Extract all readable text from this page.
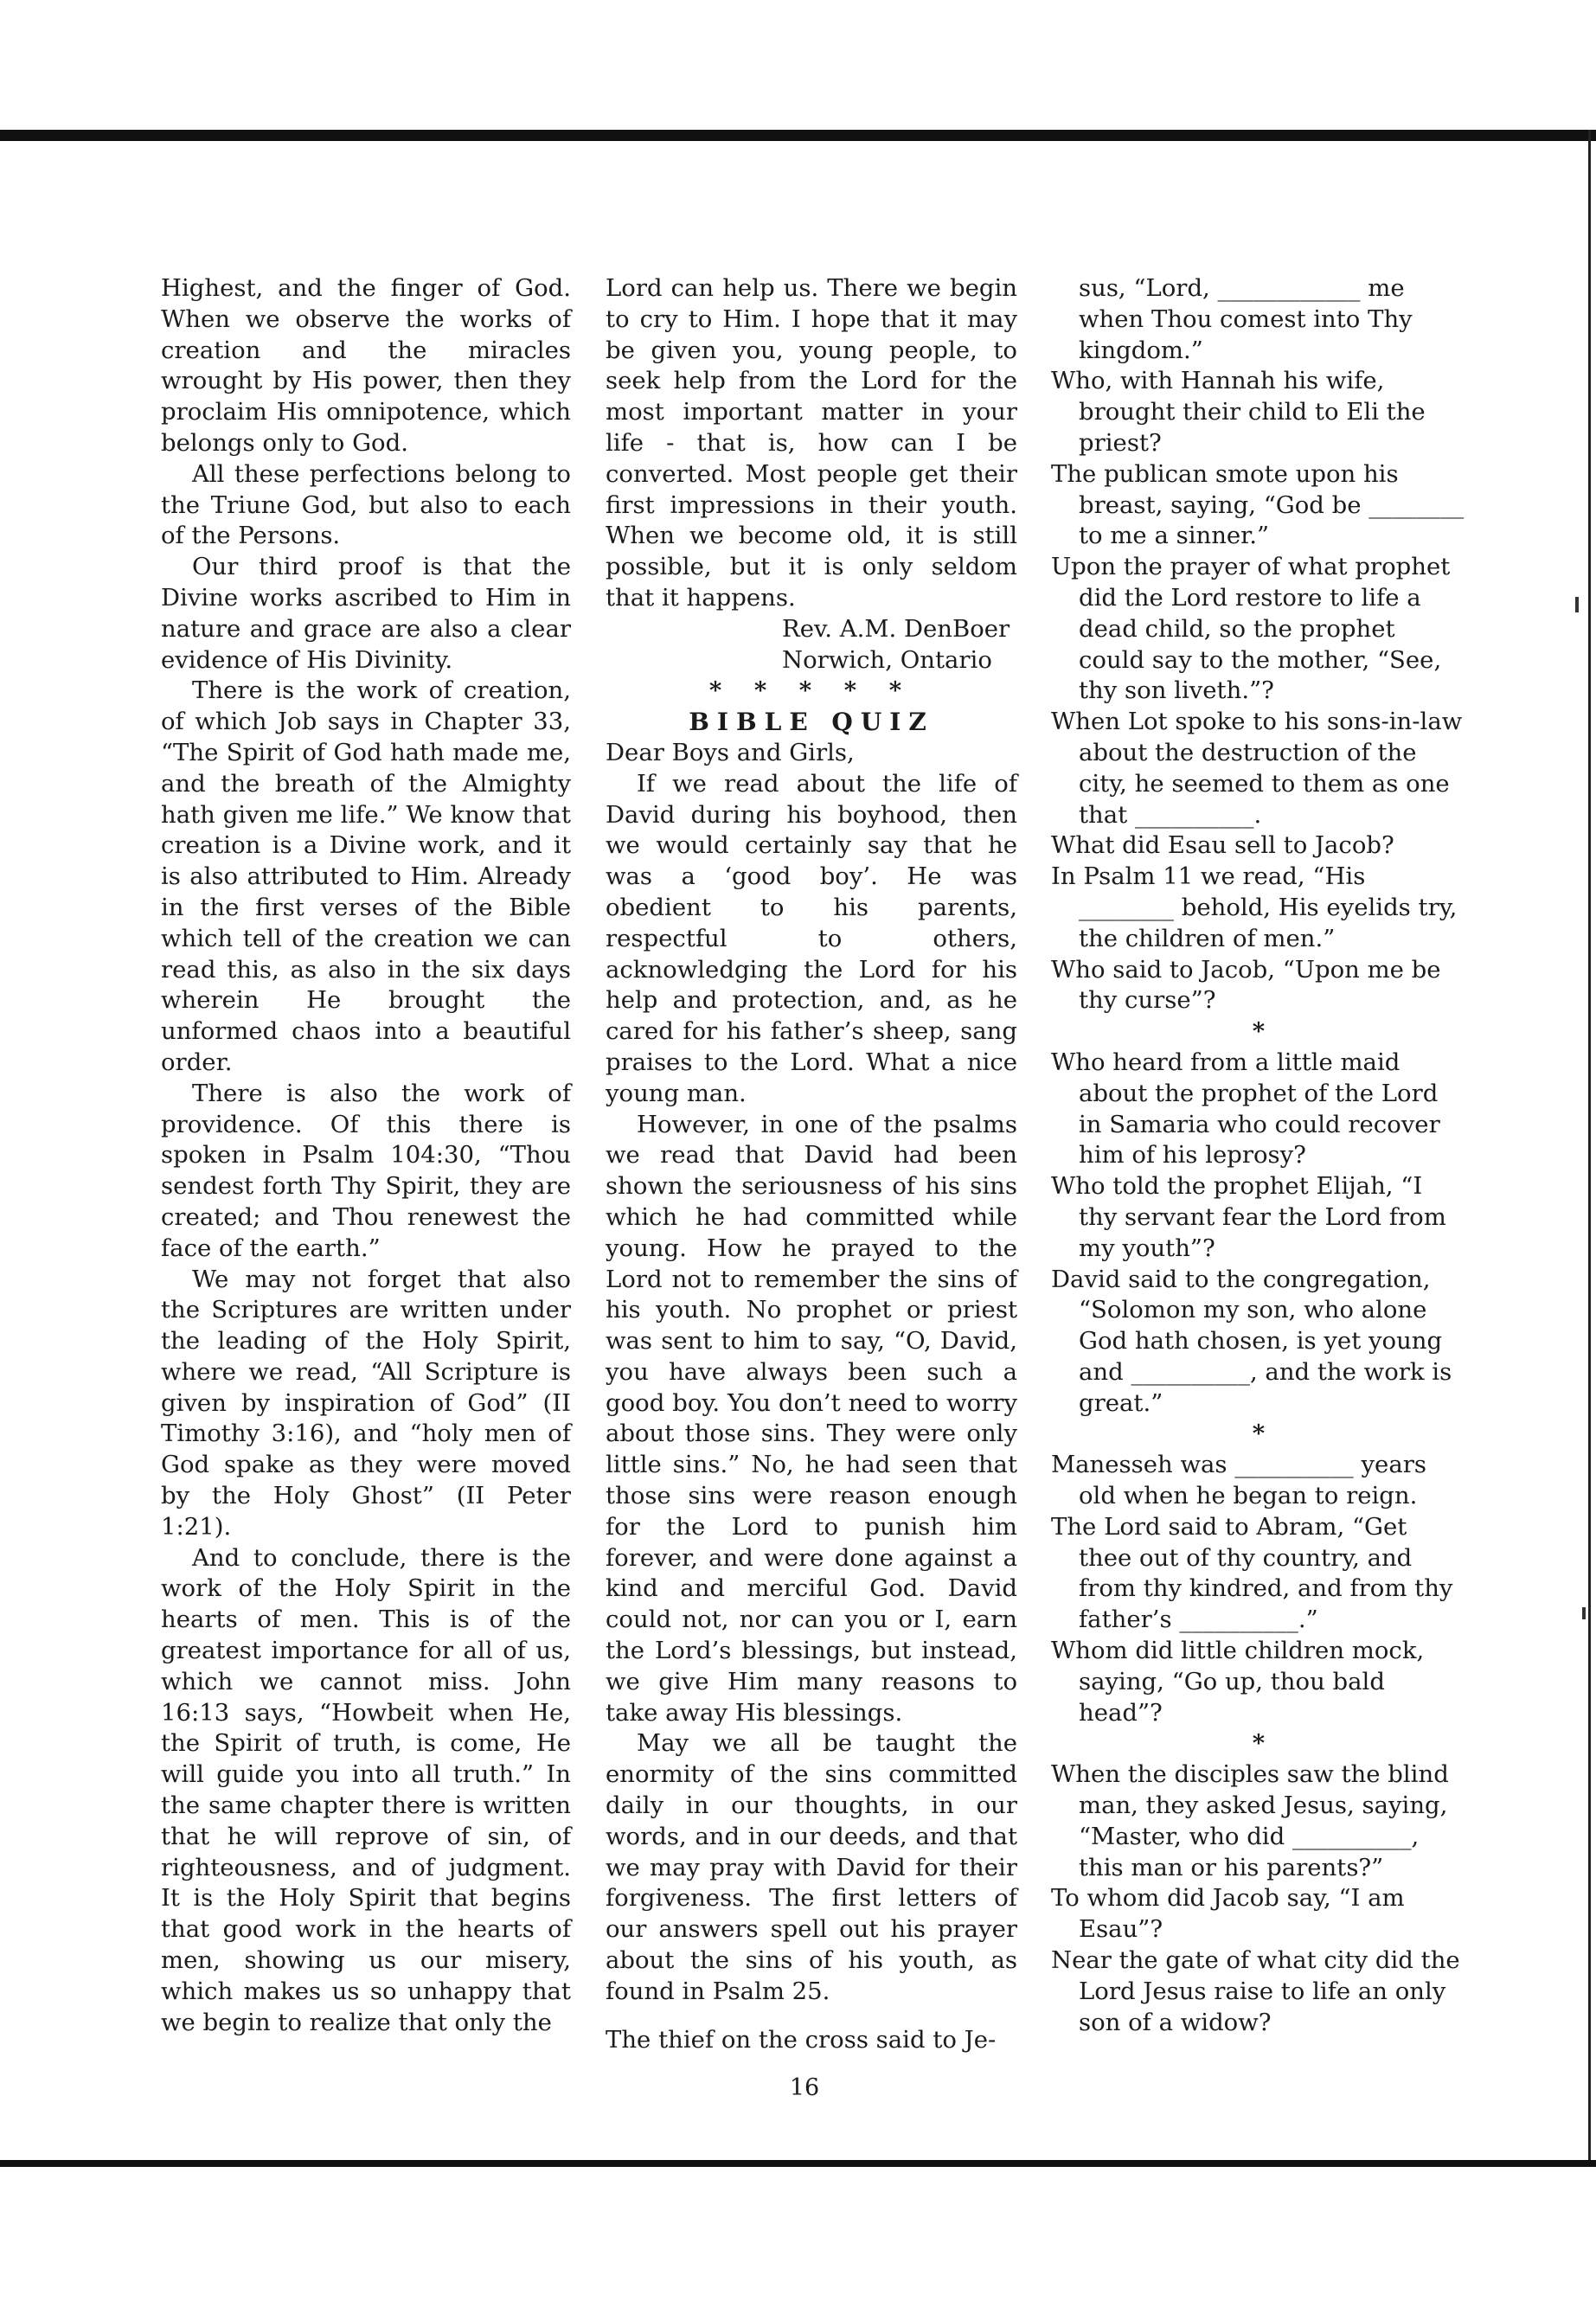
Highest, and the finger of God. When we observe the works of creation and the miracles wrought by His power, then they proclaim His omnipotence, which belongs only to God.

All these perfections belong to the Triune God, but also to each of the Persons.

Our third proof is that the Divine works ascribed to Him in nature and grace are also a clear evidence of His Divinity.

There is the work of creation, of which Job says in Chapter 33, “The Spirit of God hath made me, and the breath of the Almighty hath given me life.” We know that creation is a Divine work, and it is also attributed to Him. Already in the first verses of the Bible which tell of the creation we can read this, as also in the six days wherein He brought the unformed chaos into a beautiful order.

There is also the work of providence. Of this there is spoken in Psalm 104:30, “Thou sendest forth Thy Spirit, they are created; and Thou renewest the face of the earth.”

We may not forget that also the Scriptures are written under the leading of the Holy Spirit, where we read, “All Scripture is given by inspiration of God” (II Timothy 3:16), and “holy men of God spake as they were moved by the Holy Ghost” (II Peter 1:21).

And to conclude, there is the work of the Holy Spirit in the hearts of men. This is of the greatest importance for all of us, which we cannot miss. John 16:13 says, “Howbeit when He, the Spirit of truth, is come, He will guide you into all truth.” In the same chapter there is written that he will reprove of sin, of righteousness, and of judgment. It is the Holy Spirit that begins that good work in the hearts of men, showing us our misery, which makes us so unhappy that we begin to realize that only the

Lord can help us. There we begin to cry to Him. I hope that it may be given you, young people, to seek help from the Lord for the most important matter in your life - that is, how can I be converted. Most people get their first impressions in their youth. When we become old, it is still possible, but it is only seldom that it happens.

Rev. A.M. DenBoer

Norwich, Ontario

* * * * *

BIBLE QUIZ

Dear Boys and Girls,

If we read about the life of David during his boyhood, then we would certainly say that he was a ‘good boy’. He was obedient to his parents, respectful to others, acknowledging the Lord for his help and protection, and, as he cared for his father’s sheep, sang praises to the Lord. What a nice young man.

However, in one of the psalms we read that David had been shown the seriousness of his sins which he had committed while young. How he prayed to the Lord not to remember the sins of his youth. No prophet or priest was sent to him to say, “O, David, you have always been such a good boy. You don’t need to worry about those sins. They were only little sins.” No, he had seen that those sins were reason enough for the Lord to punish him forever, and were done against a kind and merciful God. David could not, nor can you or I, earn the Lord’s blessings, but instead, we give Him many reasons to take away His blessings.

May we all be taught the enormity of the sins committed daily in our thoughts, in our words, and in our deeds, and that we may pray with David for their forgiveness. The first letters of our answers spell out his prayer about the sins of his youth, as found in Psalm 25.

The thief on the cross said to Je-

sus, “Lord, ____________ me when Thou comest into Thy kingdom.”

Who, with Hannah his wife, brought their child to Eli the priest?

The publican smote upon his breast, saying, “God be ________ to me a sinner.”

Upon the prayer of what prophet did the Lord restore to life a dead child, so the prophet could say to the mother, “See, thy son liveth.”?

When Lot spoke to his sons-in-law about the destruction of the city, he seemed to them as one that __________.

What did Esau sell to Jacob?

In Psalm 11 we read, “His ________ behold, His eyelids try, the children of men.”

Who said to Jacob, “Upon me be thy curse”?

*

Who heard from a little maid about the prophet of the Lord in Samaria who could recover him of his leprosy?

Who told the prophet Elijah, “I thy servant fear the Lord from my youth”?

David said to the congregation, “Solomon my son, who alone God hath chosen, is yet young and __________, and the work is great.”

*

Manesseh was __________ years old when he began to reign.

The Lord said to Abram, “Get thee out of thy country, and from thy kindred, and from thy father’s __________.”

Whom did little children mock, saying, “Go up, thou bald head”?

*

When the disciples saw the blind man, they asked Jesus, saying, “Master, who did __________, this man or his parents?”

To whom did Jacob say, “I am Esau”?

Near the gate of what city did the Lord Jesus raise to life an only son of a widow?

16
